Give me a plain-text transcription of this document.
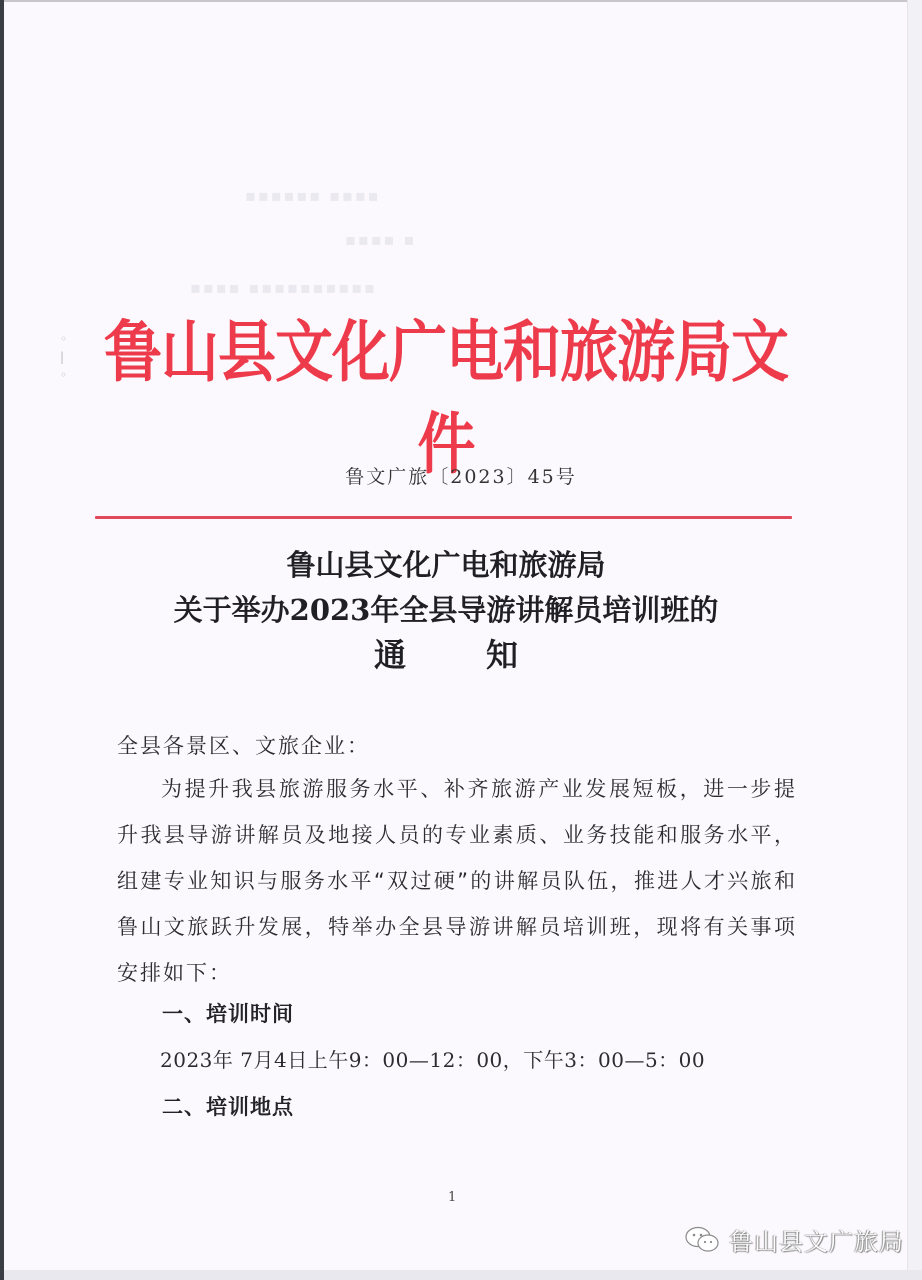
▪▪▪▪▪▪ ▪▪▪▪
▪▪▪▪ ▪
▪▪▪▪ ▪▪▪▪▪▪▪▪▪▪
◦
|
◦ 鲁山县文化广电和旅游局文件
鲁文广旅〔2023〕45号
鲁山县文化广电和旅游局
关于举办2023年全县导游讲解员培训班的
通	知
全县各景区、文旅企业：

为提升我县旅游服务水平、补齐旅游产业发展短板，进一步提升我县导游讲解员及地接人员的专业素质、业务技能和服务水平，组建专业知识与服务水平“双过硬”的讲解员队伍，推进人才兴旅和鲁山文旅跃升发展，特举办全县导游讲解员培训班，现将有关事项安排如下：

一、培训时间
2023年 7月4日上午9：00—12：00，下午3：00—5：00
二、培训地点
1
鲁山县文广旅局
